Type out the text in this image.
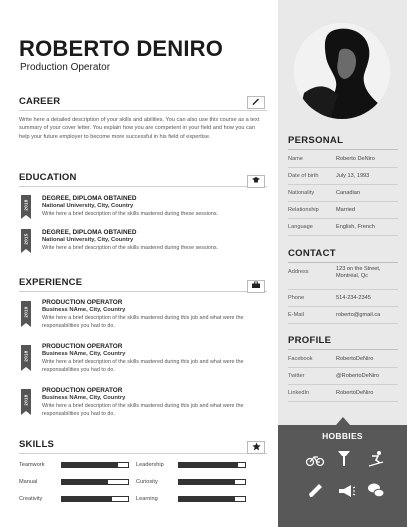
ROBERTO DENIRO
Production Operator
CAREER
Write here a detailed description of your skills and abilities. You can also use this course as a text summary of your cover letter. You explain how you are competent in your field and how you can help your future employer to become more successful in his field of expertise.
EDUCATION
2018
DEGREE, DIPLOMA OBTAINED
National University, City, Country
Write here a brief description of the skills mastered during these sessions.
2015
DEGREE, DIPLOMA OBTAINED
National University, City, Country
Write here a brief description of the skills mastered during these sessions.
EXPERIENCE
2019
PRODUCTION OPERATOR
Business NAme, City, Country
Write here a brief description of the skills mastered during this job and what were the responsabilities you had to do.
2018
PRODUCTION OPERATOR
Business NAme, City, Country
Write here a brief description of the skills mastered during this job and what were the responsabilities you had to do.
2018
PRODUCTION OPERATOR
Business NAme, City, Country
Write here a brief description of the skills mastered during this job and what were the responsabilities you had to do.
SKILLS
Teamwork	Leadership
Manual	Curiosity
Creativity	Learning
PERSONAL
Name	Roberto DeNiro
Date of birth	July 13, 1993
Nationality	Canadian
Relationship	Married
Language	English, French
CONTACT
Address	123 on the Street, Montréal, Qc
Phone	514-234-2345
E-Mail	roberto@gmail.ca
PROFILE
Facebook	RobertoDeNiro
Twitter	@RobertoDeNiro
LinkedIn	RobertoDeNiro
HOBBIES
